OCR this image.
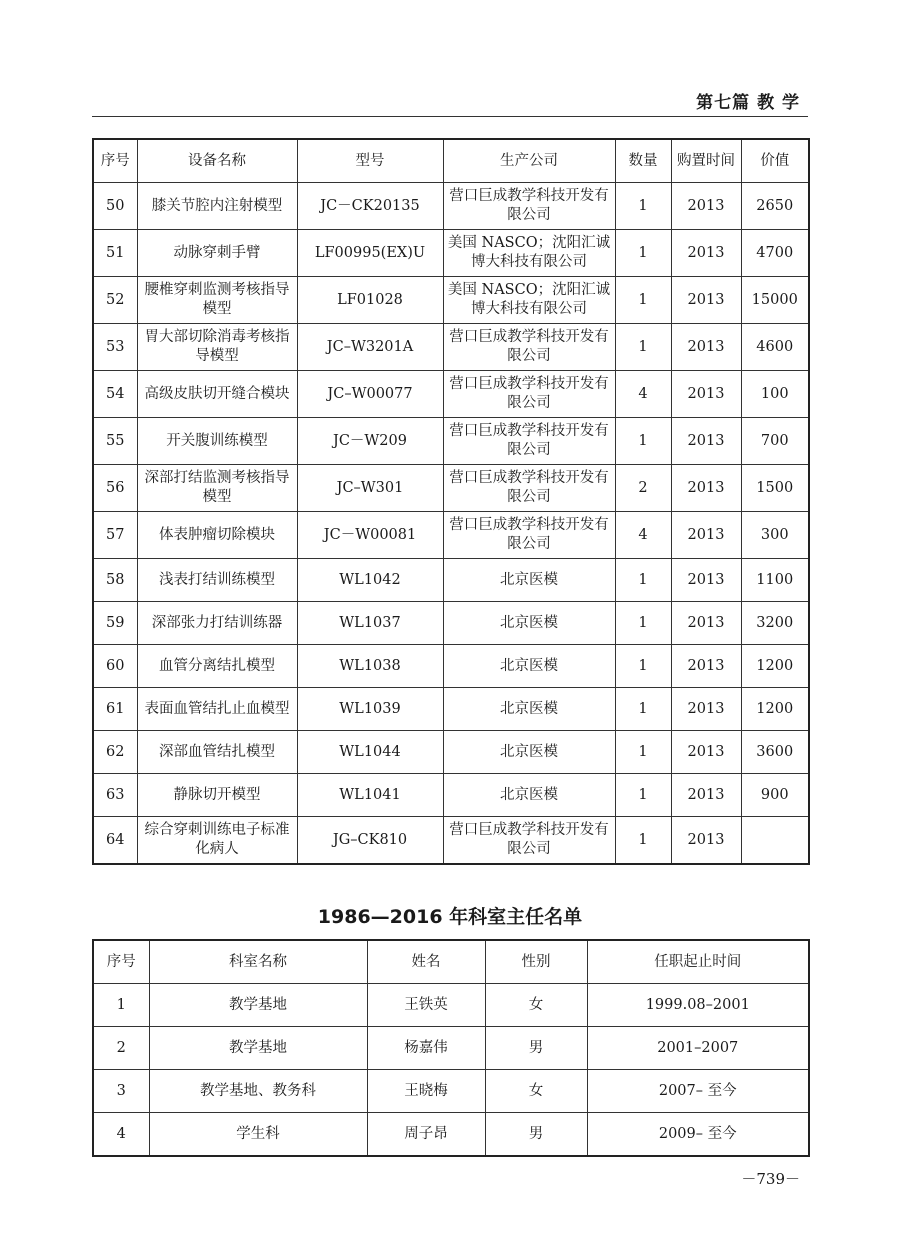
第七篇 教 学
序号	设备名称	型号	生产公司	数量	购置时间	价值
50	膝关节腔内注射模型	JC－CK20135	营口巨成教学科技开发有限公司	1	2013	2650
51	动脉穿刺手臂	LF00995(EX)U	美国 NASCO；沈阳汇诚博大科技有限公司	1	2013	4700
52	腰椎穿刺监测考核指导模型	LF01028	美国 NASCO；沈阳汇诚博大科技有限公司	1	2013	15000
53	胃大部切除消毒考核指导模型	JC–W3201A	营口巨成教学科技开发有限公司	1	2013	4600
54	高级皮肤切开缝合模块	JC–W00077	营口巨成教学科技开发有限公司	4	2013	100
55	开关腹训练模型	JC－W209	营口巨成教学科技开发有限公司	1	2013	700
56	深部打结监测考核指导模型	JC–W301	营口巨成教学科技开发有限公司	2	2013	1500
57	体表肿瘤切除模块	JC－W00081	营口巨成教学科技开发有限公司	4	2013	300
58	浅表打结训练模型	WL1042	北京医模	1	2013	1100
59	深部张力打结训练器	WL1037	北京医模	1	2013	3200
60	血管分离结扎模型	WL1038	北京医模	1	2013	1200
61	表面血管结扎止血模型	WL1039	北京医模	1	2013	1200
62	深部血管结扎模型	WL1044	北京医模	1	2013	3600
63	静脉切开模型	WL1041	北京医模	1	2013	900
64	综合穿刺训练电子标准化病人	JG–CK810	营口巨成教学科技开发有限公司	1	2013	
1986—2016 年科室主任名单
序号	科室名称	姓名	性别	任职起止时间
1	教学基地	王铁英	女	1999.08–2001
2	教学基地	杨嘉伟	男	2001–2007
3	教学基地、教务科	王晓梅	女	2007– 至今
4	学生科	周子昂	男	2009– 至今
－739－
